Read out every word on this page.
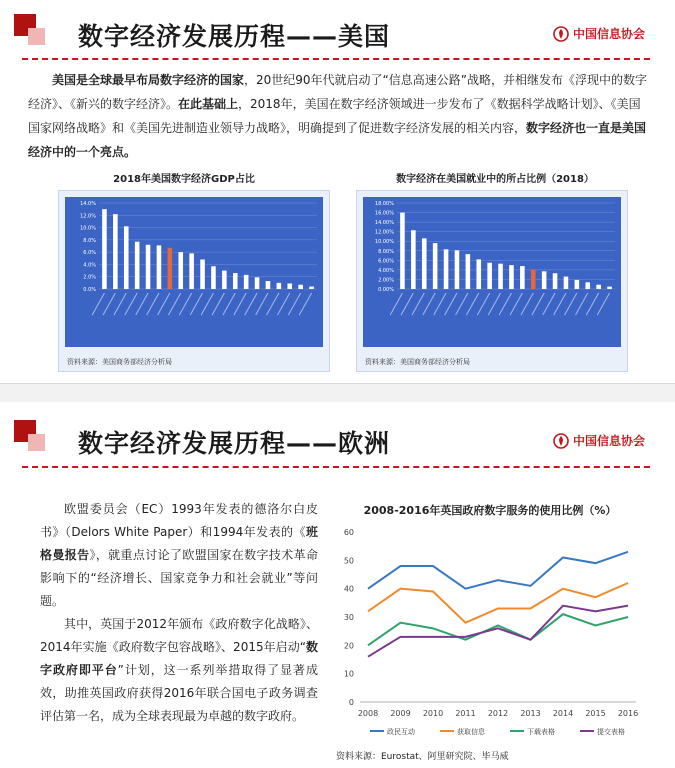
数字经济发展历程——美国	中国信息协会

美国是全球最早布局数字经济的国家，20世纪90年代就启动了“信息高速公路”战略，并相继发布《浮现中的数字经济》、《新兴的数字经济》。在此基础上，2018年，美国在数字经济领域进一步发布了《数据科学战略计划》、《美国国家网络战略》和《美国先进制造业领导力战略》，明确提到了促进数字经济发展的相关内容，数字经济也一直是美国经济中的一个亮点。

2018年美国数字经济GDP占比	数字经济在美国就业中的所占比例（2018）
14.0%
12.0%
10.0%
8.0%
6.0%
4.0%
2.0%
0.0%
资料来源：美国商务部经济分析局
18.00%
16.00%
14.00%
12.00%
10.00%
8.00%
6.00%
4.00%
2.00%
0.00%
资料来源：美国商务部经济分析局
数字经济发展历程——欧洲	中国信息协会

欧盟委员会（EC）1993年发表的德洛尔白皮书》（Delors White Paper）和1994年发表的《班格曼报告》，就重点讨论了欧盟国家在数字技术革命影响下的“经济增长、国家竞争力和社会就业”等问题。

其中，英国于2012年颁布《政府数字化战略》、2014年实施《政府数字包容战略》、2015年启动“数字政府即平台”计划，这一系列举措取得了显著成效，助推英国政府获得2016年联合国电子政务调查评估第一名，成为全球表现最为卓越的数字政府。

2008-2016年英国政府数字服务的使用比例（%）
0
10
20
30
40
50
60
2008 2009 2010 2011 2012 2013 2014 2015 2016
政民互动	获取信息	下载表格	提交表格
资料来源：Eurostat、阿里研究院、毕马威
